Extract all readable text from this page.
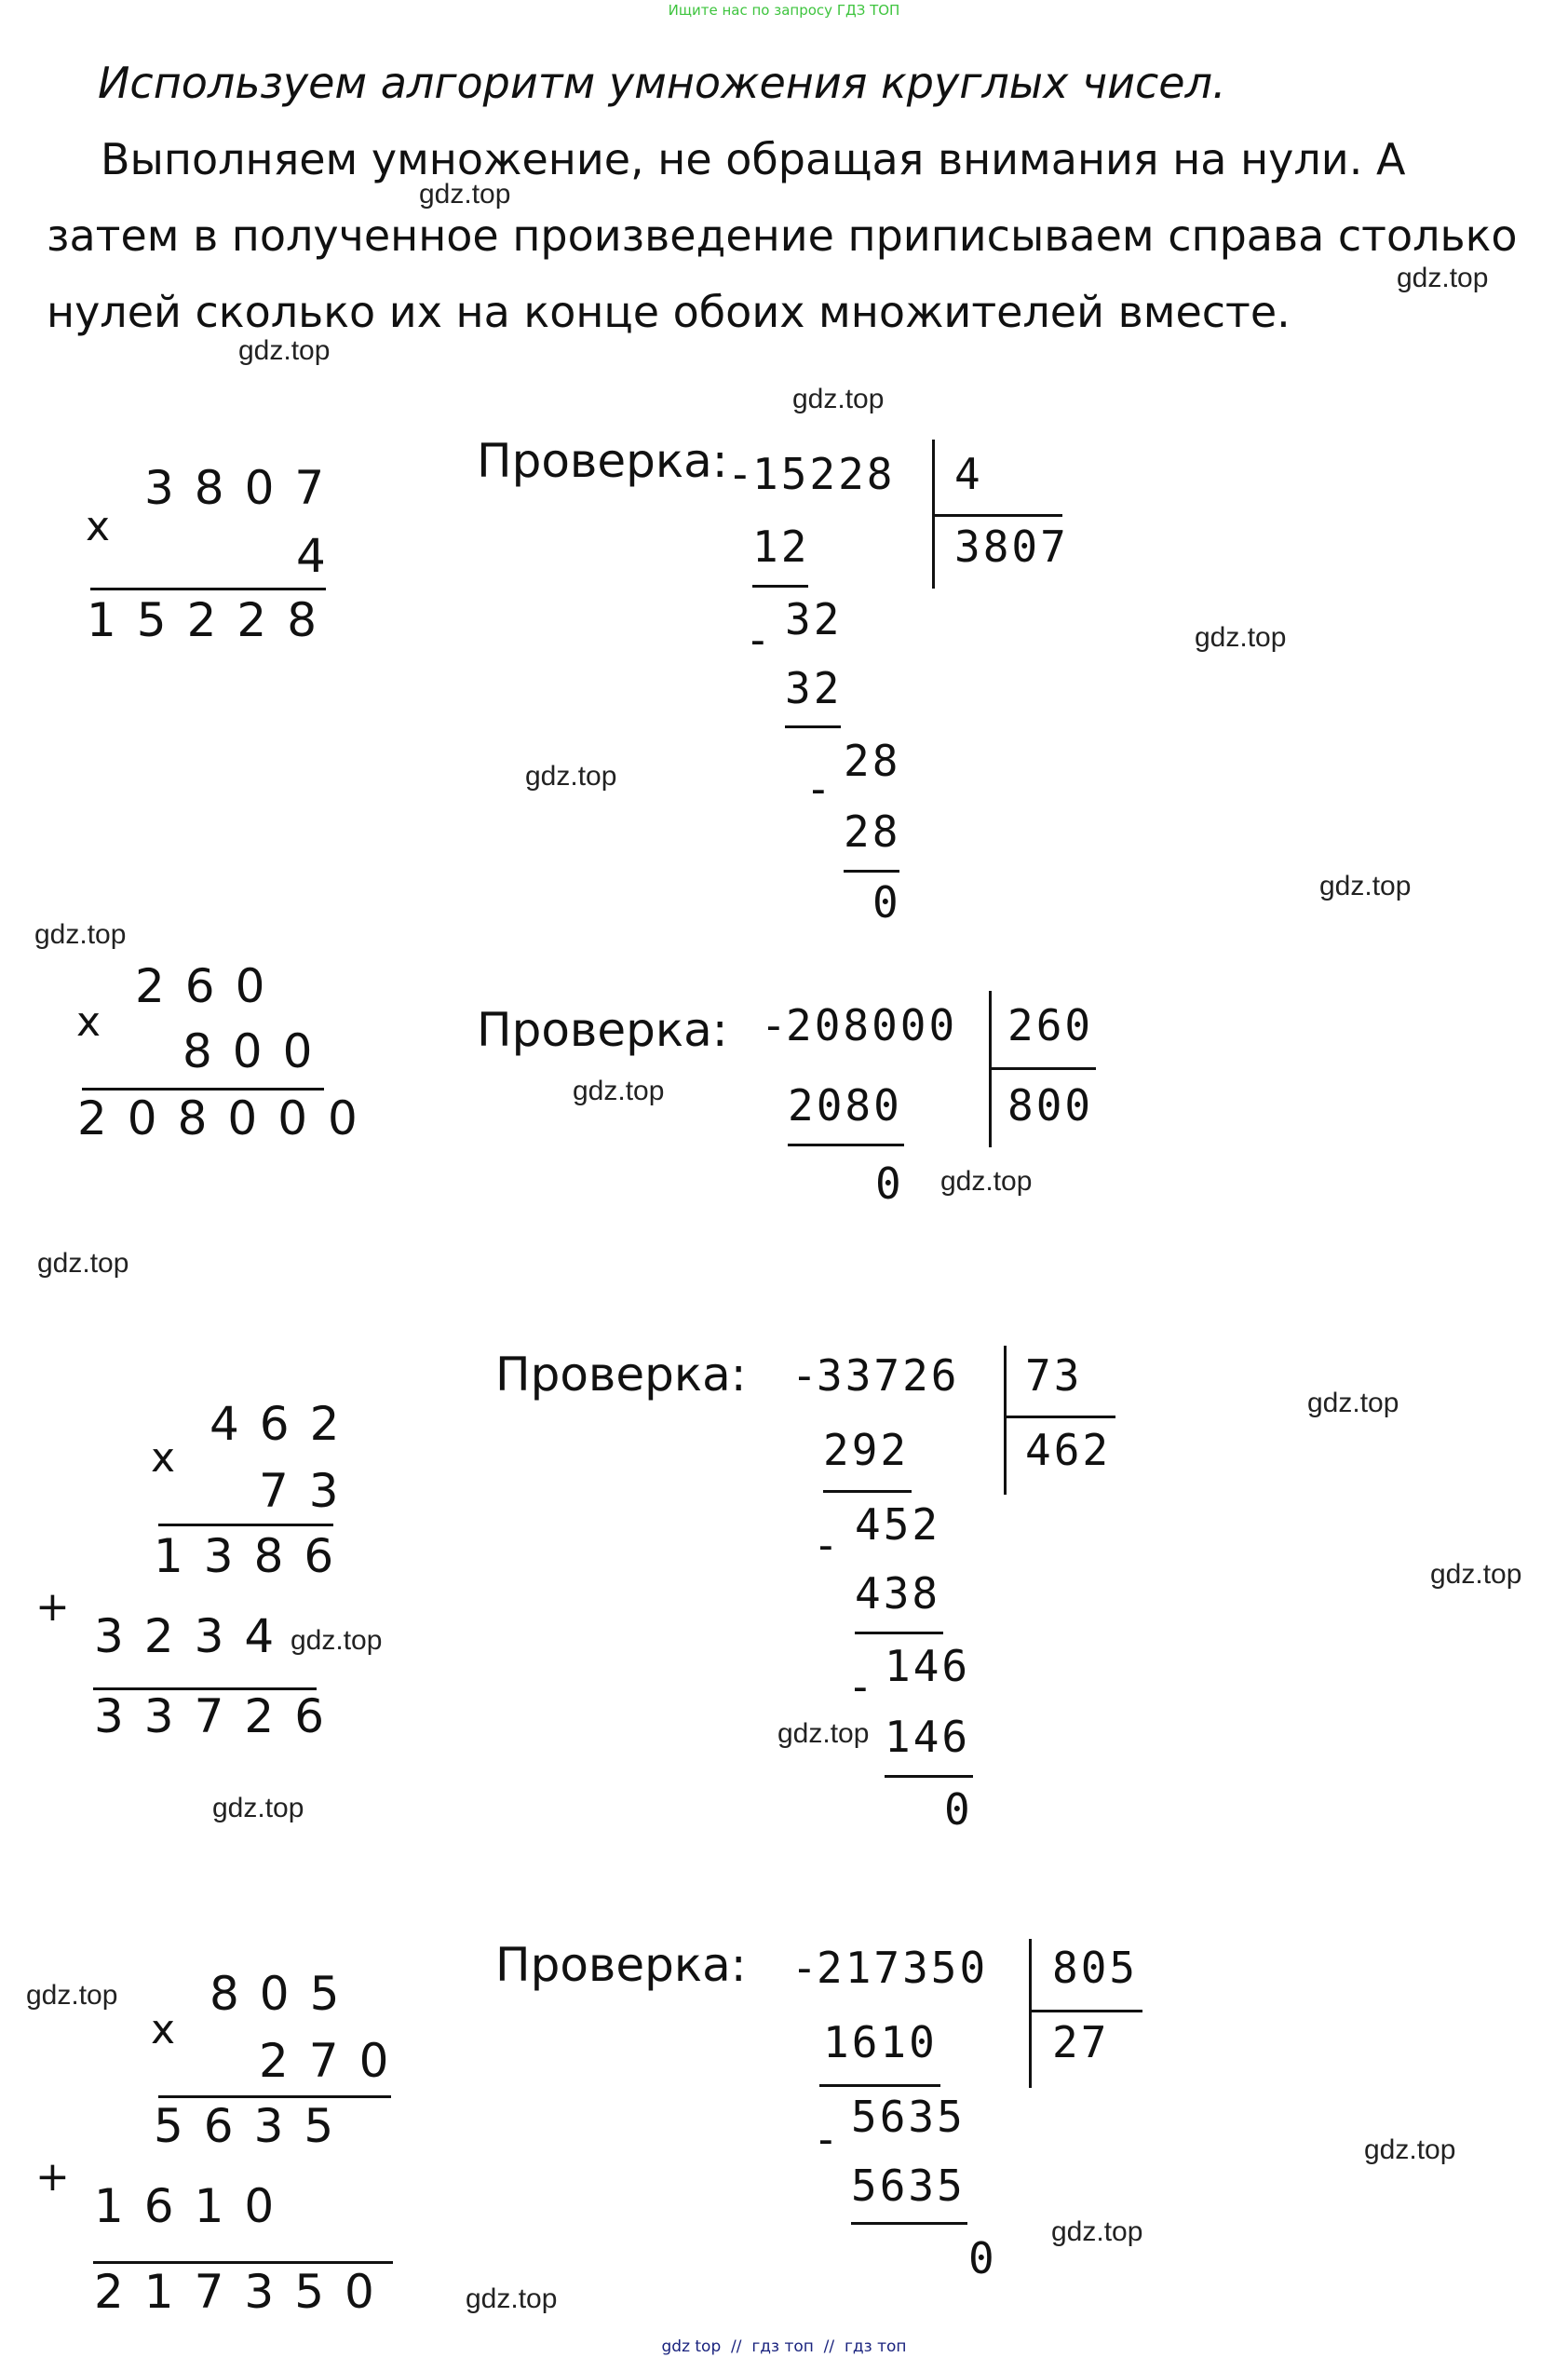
Ищите нас по запросу ГДЗ ТОП
Используем алгоритм умножения круглых чисел.
Выполняем умножение, не обращая внимания на нули. А
затем в полученное произведение приписываем справа столько
нулей сколько их на конце обоих множителей вместе.
gdz.top
gdz.top
gdz.top
gdz.top
gdz.top
gdz.top
gdz.top
gdz.top
gdz.top
gdz.top
gdz.top
gdz.top
gdz.top
gdz.top
gdz.top
gdz.top
gdz.top
gdz.top
gdz.top
gdz.top
3807
x
4
15228
Проверка: -
15228 4
3807
12
- 32
32
-
28
28
0
260
x
800
208000
Проверка: -
208000 260
800
2080
0
462
x
73
1386
+
3234
33726
Проверка: -
33726 73
462
292
- 452
438
- 146
146
0
805
x
270
5635
+
1610
217350
Проверка: -
217350 805
27
1610
- 5635
5635
0
gdz top  //  гдз топ  //  гдз топ
